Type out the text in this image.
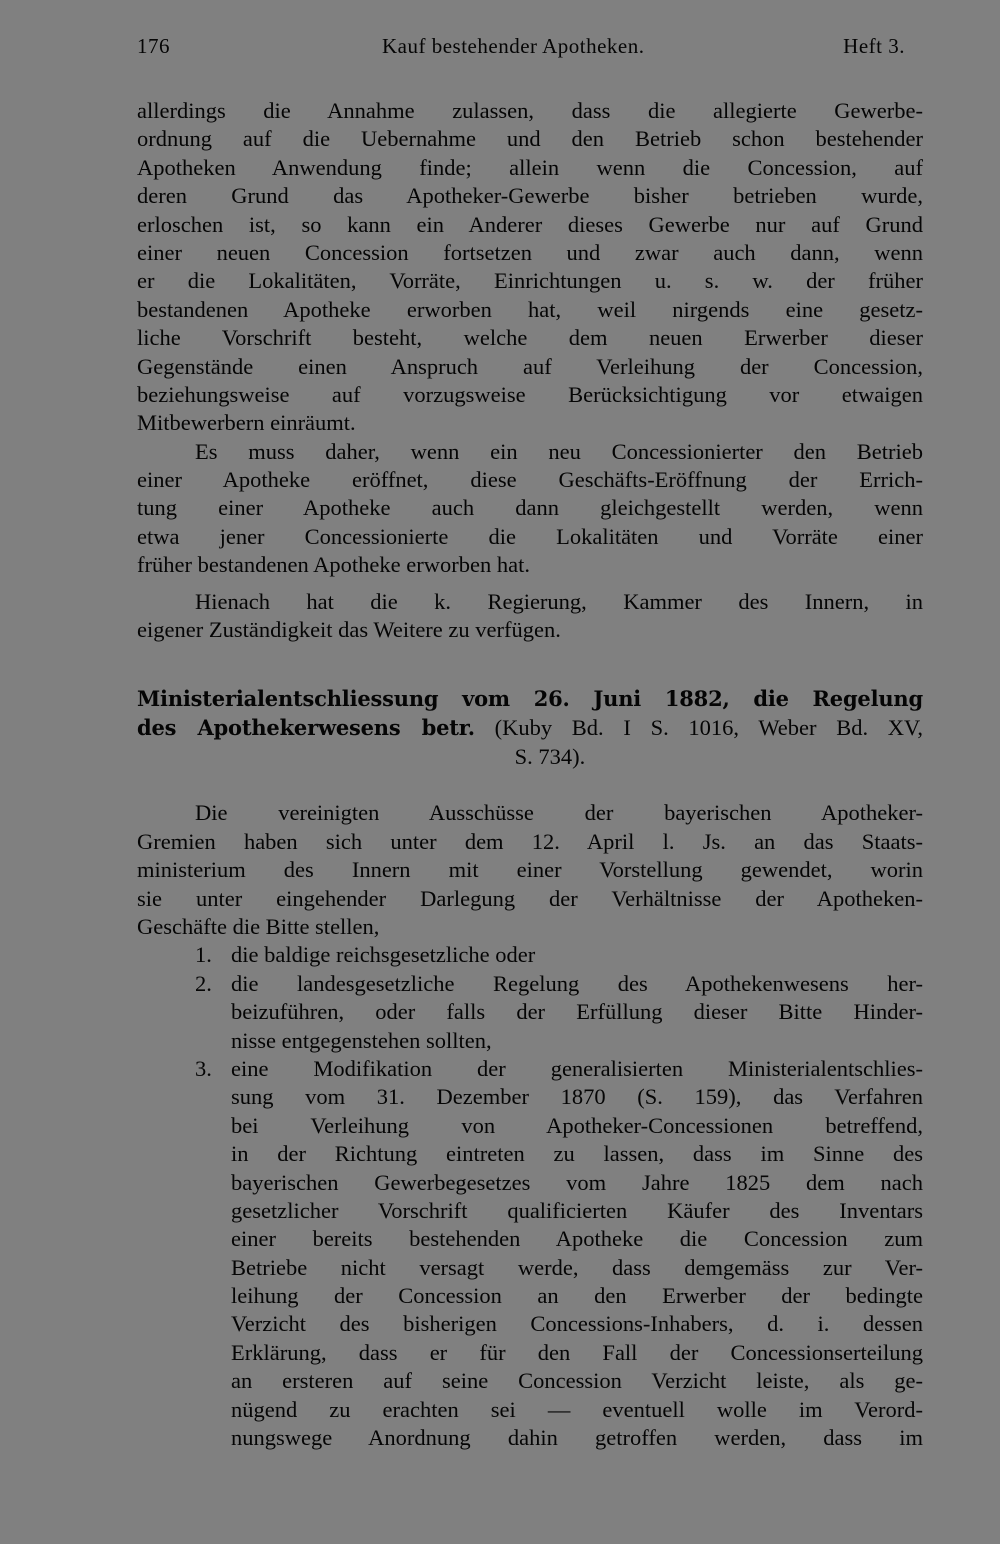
176	Kauf bestehender Apotheken.	Heft 3.
allerdings die Annahme zulassen, dass die allegierte Gewerbe-
ordnung auf die Uebernahme und den Betrieb schon bestehender
Apotheken Anwendung finde; allein wenn die Concession, auf
deren Grund das Apotheker-Gewerbe bisher betrieben wurde,
erloschen ist, so kann ein Anderer dieses Gewerbe nur auf Grund
einer neuen Concession fortsetzen und zwar auch dann, wenn
er die Lokalitäten, Vorräte, Einrichtungen u. s. w. der früher
bestandenen Apotheke erworben hat, weil nirgends eine gesetz-
liche Vorschrift besteht, welche dem neuen Erwerber dieser
Gegenstände einen Anspruch auf Verleihung der Concession,
beziehungsweise auf vorzugsweise Berücksichtigung vor etwaigen
Mitbewerbern einräumt.
Es muss daher, wenn ein neu Concessionierter den Betrieb
einer Apotheke eröffnet, diese Geschäfts-Eröffnung der Errich-
tung einer Apotheke auch dann gleichgestellt werden, wenn
etwa jener Concessionierte die Lokalitäten und Vorräte einer
früher bestandenen Apotheke erworben hat.
Hienach hat die k. Regierung, Kammer des Innern, in
eigener Zuständigkeit das Weitere zu verfügen.
Ministerialentschliessung vom 26. Juni 1882, die Regelung
des Apothekerwesens betr. (Kuby Bd. I S. 1016, Weber Bd. XV,
S. 734).
Die vereinigten Ausschüsse der bayerischen Apotheker-
Gremien haben sich unter dem 12. April l. Js. an das Staats-
ministerium des Innern mit einer Vorstellung gewendet, worin
sie unter eingehender Darlegung der Verhältnisse der Apotheken-
Geschäfte die Bitte stellen,
1. die baldige reichsgesetzliche oder
2. die landesgesetzliche Regelung des Apothekenwesens her-
beizuführen, oder falls der Erfüllung dieser Bitte Hinder-
nisse entgegenstehen sollten,
3. eine Modifikation der generalisierten Ministerialentschlies-
sung vom 31. Dezember 1870 (S. 159), das Verfahren
bei Verleihung von Apotheker-Concessionen betreffend,
in der Richtung eintreten zu lassen, dass im Sinne des
bayerischen Gewerbegesetzes vom Jahre 1825 dem nach
gesetzlicher Vorschrift qualificierten Käufer des Inventars
einer bereits bestehenden Apotheke die Concession zum
Betriebe nicht versagt werde, dass demgemäss zur Ver-
leihung der Concession an den Erwerber der bedingte
Verzicht des bisherigen Concessions-Inhabers, d. i. dessen
Erklärung, dass er für den Fall der Concessionserteilung
an ersteren auf seine Concession Verzicht leiste, als ge-
nügend zu erachten sei — eventuell wolle im Verord-
nungswege Anordnung dahin getroffen werden, dass im
